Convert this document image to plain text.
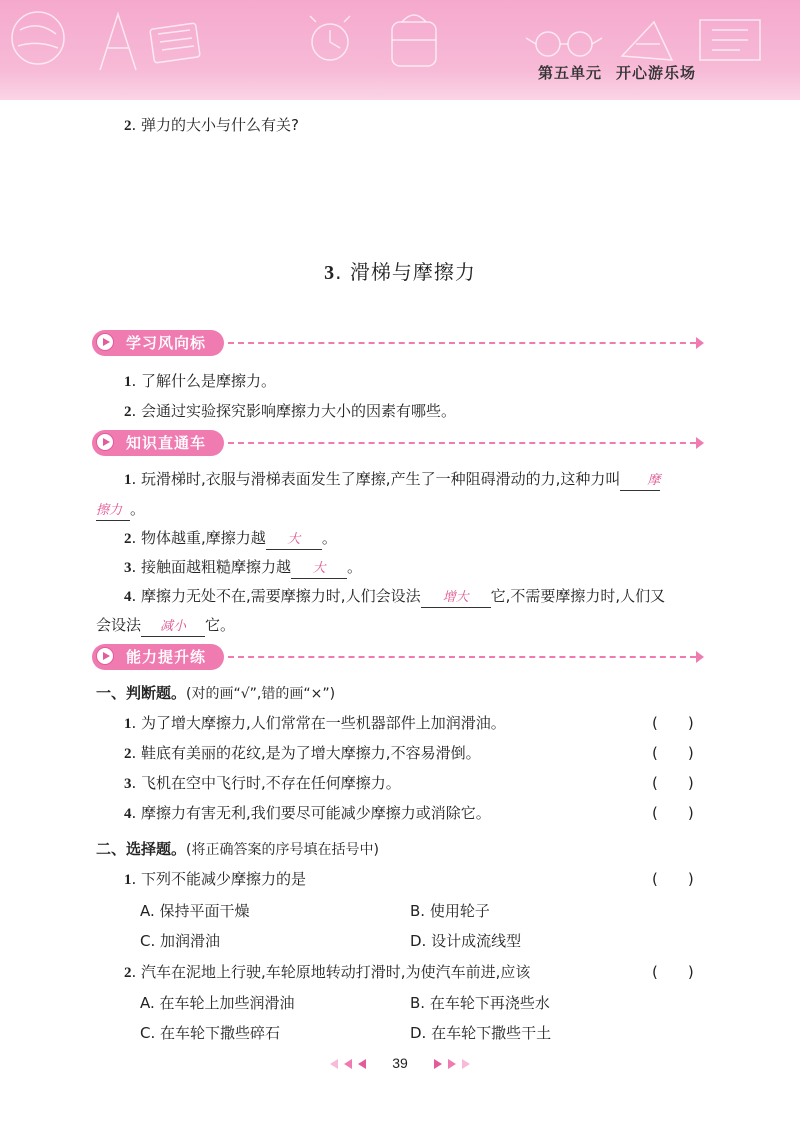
第五单元 开心游乐场
2. 弹力的大小与什么有关?
3. 滑梯与摩擦力
学习风向标
1. 了解什么是摩擦力。
2. 会通过实验探究影响摩擦力大小的因素有哪些。
知识直通车
1. 玩滑梯时,衣服与滑梯表面发生了摩擦,产生了一种阻碍滑动的力,这种力叫 摩
擦力 。
2. 物体越重,摩擦力越 大 。
3. 接触面越粗糙摩擦力越 大 。
4. 摩擦力无处不在,需要摩擦力时,人们会设法 增大 它,不需要摩擦力时,人们又
会设法 减小 它。
能力提升练
一、判断题。(对的画“√”,错的画“×”)
1. 为了增大摩擦力,人们常常在一些机器部件上加润滑油。	(　　)
2. 鞋底有美丽的花纹,是为了增大摩擦力,不容易滑倒。	(　　)
3. 飞机在空中飞行时,不存在任何摩擦力。	(　　)
4. 摩擦力有害无利,我们要尽可能减少摩擦力或消除它。	(　　)
二、选择题。(将正确答案的序号填在括号中)
1. 下列不能减少摩擦力的是	(　　)
A. 保持平面干燥	B. 使用轮子
C. 加润滑油	D. 设计成流线型
2. 汽车在泥地上行驶,车轮原地转动打滑时,为使汽车前进,应该	(　　)
A. 在车轮上加些润滑油	B. 在车轮下再浇些水
C. 在车轮下撒些碎石	D. 在车轮下撒些干土
39
